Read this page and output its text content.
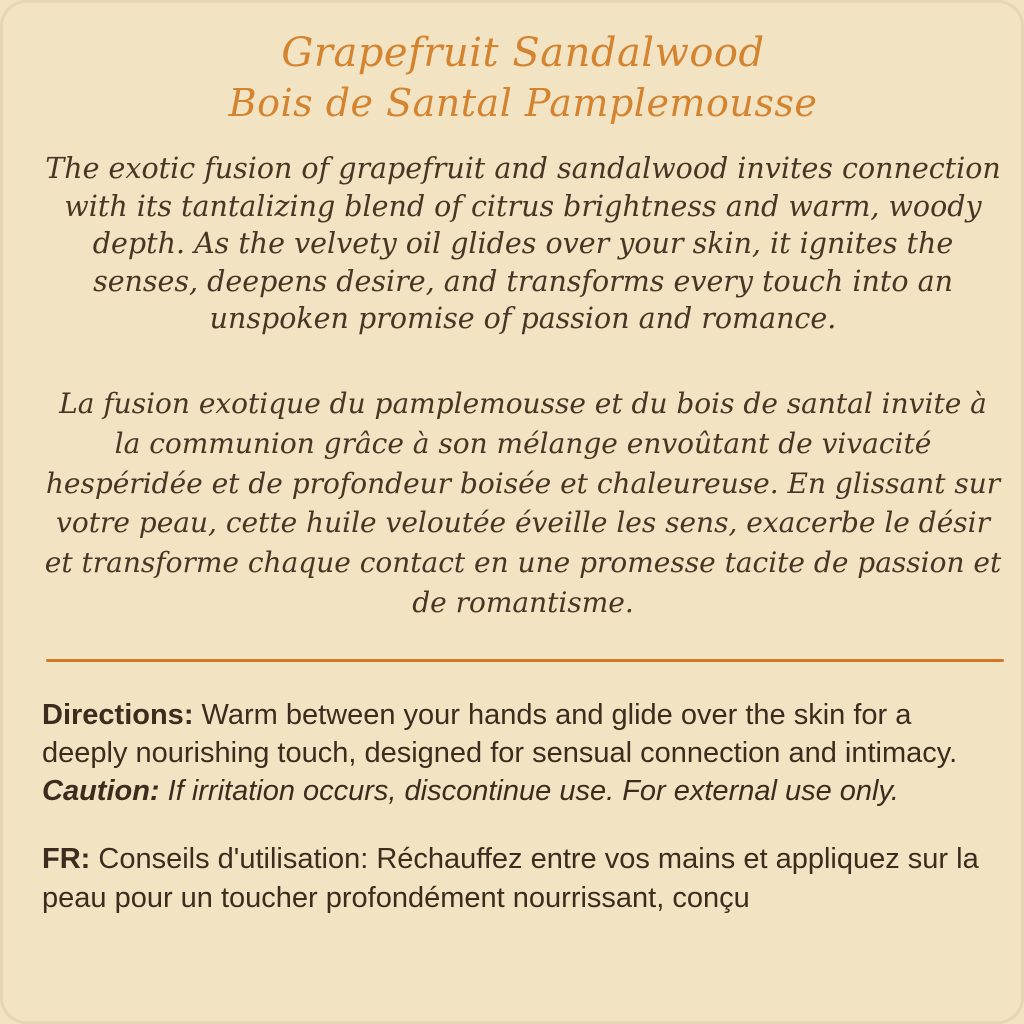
Grapefruit Sandalwood
Bois de Santal Pamplemousse

The exotic fusion of grapefruit and sandalwood invites connection with its tantalizing blend of citrus brightness and warm, woody depth. As the velvety oil glides over your skin, it ignites the senses, deepens desire, and transforms every touch into an unspoken promise of passion and romance.

La fusion exotique du pamplemousse et du bois de santal invite à la communion grâce à son mélange envoûtant de vivacité hespéridée et de profondeur boisée et chaleureuse. En glissant sur votre peau, cette huile veloutée éveille les sens, exacerbe le désir et transforme chaque contact en une promesse tacite de passion et de romantisme.

Directions: Warm between your hands and glide over the skin for a deeply nourishing touch, designed for sensual connection and intimacy. Caution: If irritation occurs, discontinue use. For external use only.

FR: Conseils d'utilisation: Réchauffez entre vos mains et appliquez sur la peau pour un toucher profondément nourrissant, conçu
